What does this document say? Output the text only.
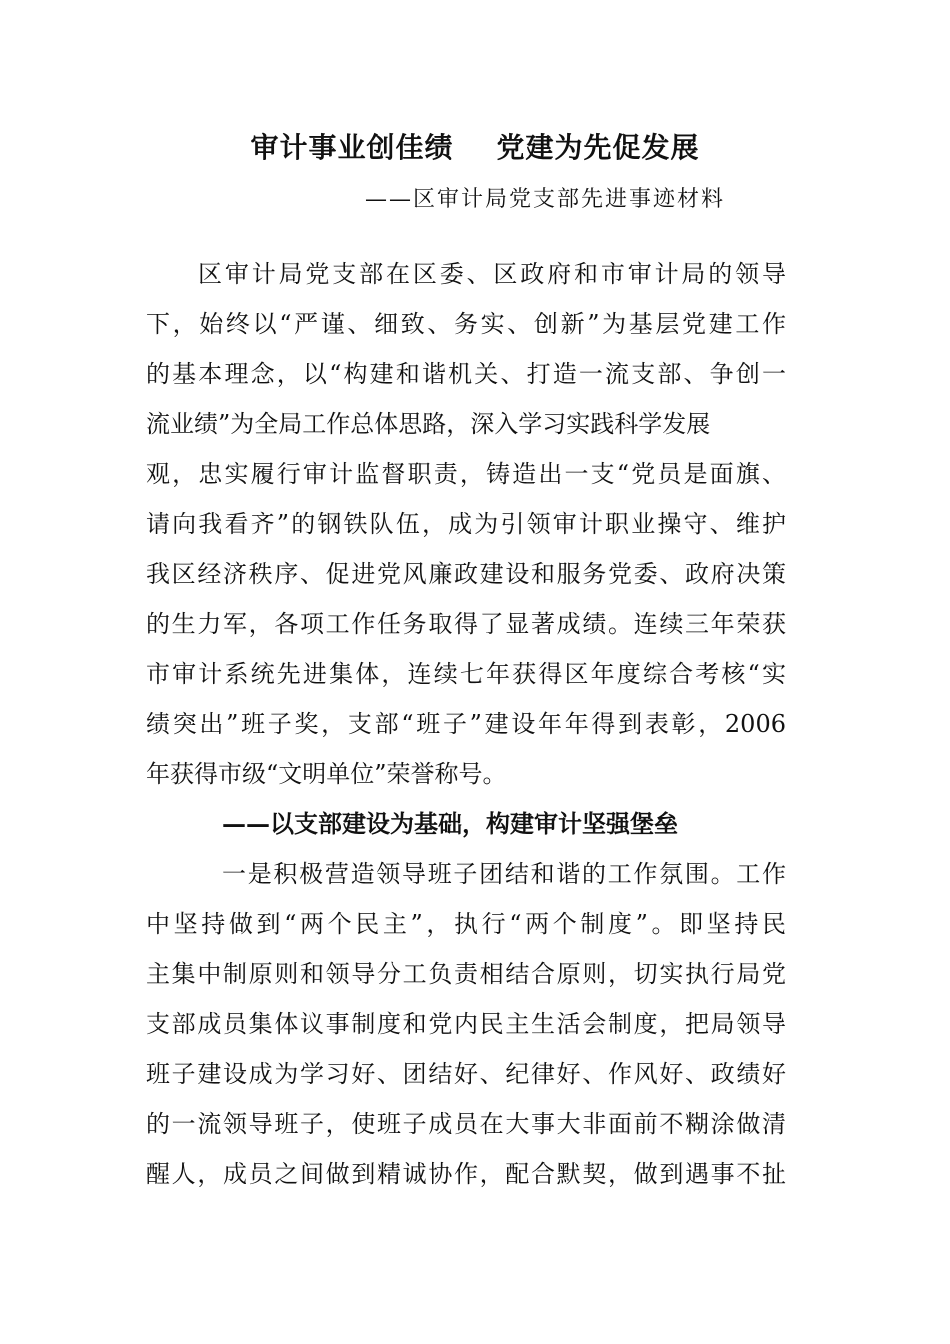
审计事业创佳绩    党建为先促发展
——区审计局党支部先进事迹材料
区审计局党支部在区委、区政府和市审计局的领导
下，始终以“严谨、细致、务实、创新”为基层党建工作
的基本理念，以“构建和谐机关、打造一流支部、争创一
流业绩”为全局工作总体思路，深入学习实践科学发展
观，忠实履行审计监督职责，铸造出一支“党员是面旗、
请向我看齐”的钢铁队伍，成为引领审计职业操守、维护
我区经济秩序、促进党风廉政建设和服务党委、政府决策
的生力军，各项工作任务取得了显著成绩。连续三年荣获
市审计系统先进集体，连续七年获得区年度综合考核“实
绩突出”班子奖，支部“班子”建设年年得到表彰，2006
年获得市级“文明单位”荣誉称号。
——以支部建设为基础，构建审计坚强堡垒
一是积极营造领导班子团结和谐的工作氛围。工作
中坚持做到“两个民主”，执行“两个制度”。即坚持民
主集中制原则和领导分工负责相结合原则，切实执行局党
支部成员集体议事制度和党内民主生活会制度，把局领导
班子建设成为学习好、团结好、纪律好、作风好、政绩好
的一流领导班子，使班子成员在大事大非面前不糊涂做清
醒人，成员之间做到精诚协作，配合默契，做到遇事不扯
